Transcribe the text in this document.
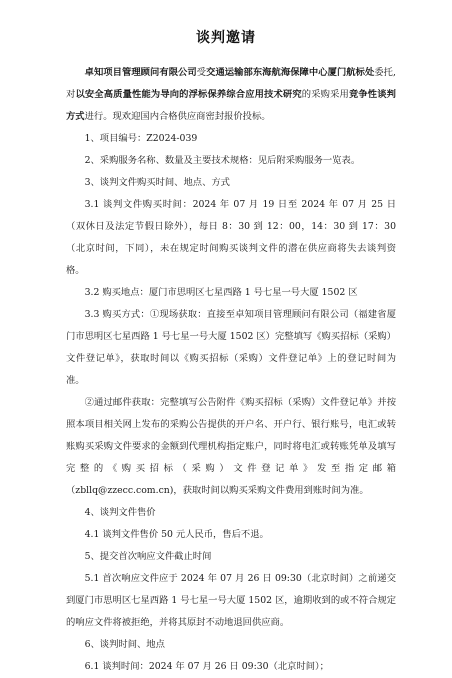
谈判邀请

卓知项目管理顾问有限公司受交通运输部东海航海保障中心厦门航标处委托,对以安全高质量性能为导向的浮标保养综合应用技术研究的采购采用竞争性谈判方式进行。现欢迎国内合格供应商密封报价投标。

1、项目编号：Z2024-039

2、采购服务名称、数量及主要技术规格：见后附采购服务一览表。

3、谈判文件购买时间、地点、方式

3.1 谈判文件购买时间：2024 年 07 月 19 日至 2024 年 07 月 25 日（双休日及法定节假日除外），每日 8：30 到 12：00，14：30 到 17：30（北京时间，下同），未在规定时间购买谈判文件的潜在供应商将失去谈判资格。

3.2 购买地点：厦门市思明区七星西路 1 号七星一号大厦 1502 区

3.3 购买方式：①现场获取：直接至卓知项目管理顾问有限公司（福建省厦门市思明区七星西路 1 号七星一号大厦 1502 区）完整填写《购买招标（采购）文件登记单》，获取时间以《购买招标（采购）文件登记单》上的登记时间为准。

②通过邮件获取：完整填写公告附件《购买招标（采购）文件登记单》并按照本项目相关网上发布的采购公告提供的开户名、开户行、银行账号，电汇或转账购买采购文件要求的金额到代理机构指定账户，同时将电汇或转账凭单及填写完整的《购买招标（采购）文件登记单》发至指定邮箱（zbllq@zzecc.com.cn)，获取时间以购买采购文件费用到账时间为准。

4、谈判文件售价

4.1 谈判文件售价 50 元人民币，售后不退。

5、提交首次响应文件截止时间

5.1 首次响应文件应于 2024 年 07 月 26 日 09:30（北京时间）之前递交到厦门市思明区七星西路 1 号七星一号大厦 1502 区，逾期收到的或不符合规定的响应文件将被拒绝，并将其原封不动地退回供应商。

6、谈判时间、地点

6.1 谈判时间：2024 年 07 月 26 日 09:30（北京时间）；
